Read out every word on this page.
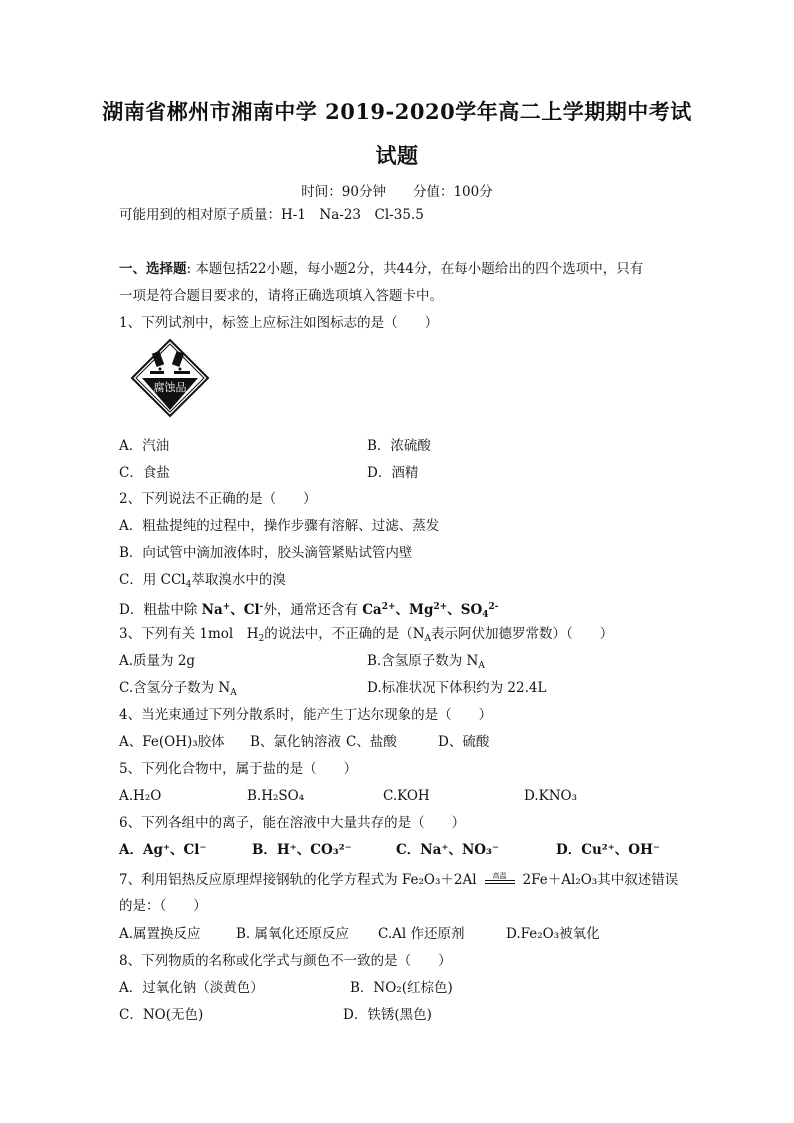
湖南省郴州市湘南中学 2019-2020学年高二上学期期中考试
试题
时间：90分钟　　分值：100分
可能用到的相对原子质量：H-1　Na-23　Cl-35.5
一、选择题: 本题包括22小题，每小题2分，共44分，在每小题给出的四个选项中，只有
一项是符合题目要求的，请将正确选项填入答题卡中。
1、下列试剂中，标签上应标注如图标志的是（　　）
腐蚀品
A．汽油	B．浓硫酸
C．食盐	D．酒精
2、下列说法不正确的是（　　）
A．粗盐提纯的过程中，操作步骤有溶解、过滤、蒸发
B．向试管中滴加液体时，胶头滴管紧贴试管内壁
C．用 CCl$_4$萃取溴水中的溴
D．粗盐中除 Na+、Cl-外，通常还含有 $Ca^{2+}$、$Mg^{2+}$、$SO_4^{2-}$
3、下列有关 1mol　$H_2$的说法中，不正确的是（$N_A$表示阿伏加德罗常数）（　　）
A.质量为 2g	B.含氢原子数为 $N_A$
C.含氢分子数为 $N_A$	D.标准状况下体积约为 22.4L
4、当光束通过下列分散系时，能产生丁达尔现象的是（　　）
A、Fe(OH)₃胶体 B、氯化钠溶液 C、盐酸	D、硫酸
5、下列化合物中，属于盐的是（　　）
A.H₂O	B.H₂SO₄	C.KOH	D.KNO₃
6、下列各组中的离子，能在溶液中大量共存的是（　　）
A．Ag⁺、Cl⁻	B．H⁺、CO₃²⁻	C．Na⁺、NO₃⁻	D．Cu²⁺、OH⁻
7、利用铝热反应原理焊接钢轨的化学方程式为 Fe₂O₃＋2Al	高温	2Fe＋Al₂O₃其中叙述错误
的是：（　　）
A.属置换反应	B. 属氧化还原反应 C.Al 作还原剂	D.Fe₂O₃被氧化
8、下列物质的名称或化学式与颜色不一致的是（　　）
A．过氧化钠（淡黄色）	B．NO₂(红棕色)
C．NO(无色)	D．铁锈(黑色)
